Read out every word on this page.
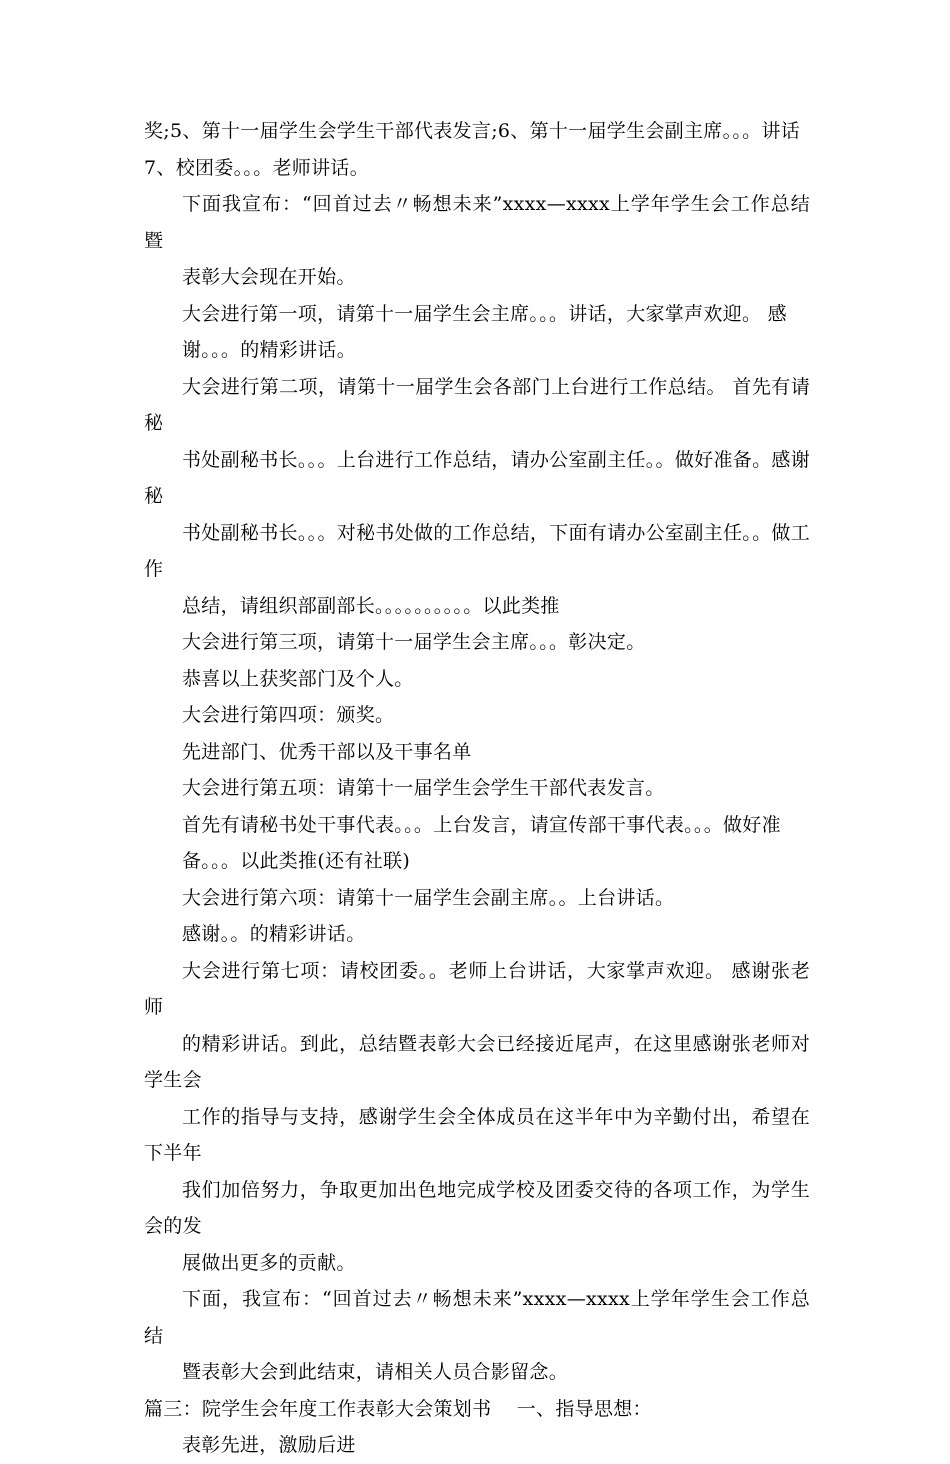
奖;5、第十一届学生会学生干部代表发言;6、第十一届学生会副主席。。。讲话
7、校团委。。。老师讲话。

下面我宣布：“回首过去〃畅想未来”xxxx—xxxx上学年学生会工作总结暨
表彰大会现在开始。

大会进行第一项，请第十一届学生会主席。。。讲话，大家掌声欢迎。 感
谢。。。的精彩讲话。

大会进行第二项，请第十一届学生会各部门上台进行工作总结。 首先有请秘
书处副秘书长。。。上台进行工作总结，请办公室副主任。。做好准备。感谢秘
书处副秘书长。。。对秘书处做的工作总结，下面有请办公室副主任。。做工作
总结，请组织部副部长。。。。。。。。。。以此类推

大会进行第三项，请第十一届学生会主席。。。彰决定。

恭喜以上获奖部门及个人。

大会进行第四项：颁奖。

先进部门、优秀干部以及干事名单

大会进行第五项：请第十一届学生会学生干部代表发言。

首先有请秘书处干事代表。。。上台发言，请宣传部干事代表。。。做好准
备。。。以此类推(还有社联)

大会进行第六项：请第十一届学生会副主席。。上台讲话。

感谢。。的精彩讲话。

大会进行第七项：请校团委。。老师上台讲话，大家掌声欢迎。 感谢张老师
的精彩讲话。到此，总结暨表彰大会已经接近尾声，在这里感谢张老师对学生会
工作的指导与支持，感谢学生会全体成员在这半年中为辛勤付出，希望在下半年
我们加倍努力，争取更加出色地完成学校及团委交待的各项工作，为学生会的发
展做出更多的贡献。

下面，我宣布：“回首过去〃畅想未来”xxxx—xxxx上学年学生会工作总结
暨表彰大会到此结束，请相关人员合影留念。

篇三：院学生会年度工作表彰大会策划书    一、指导思想：

表彰先进，激励后进
